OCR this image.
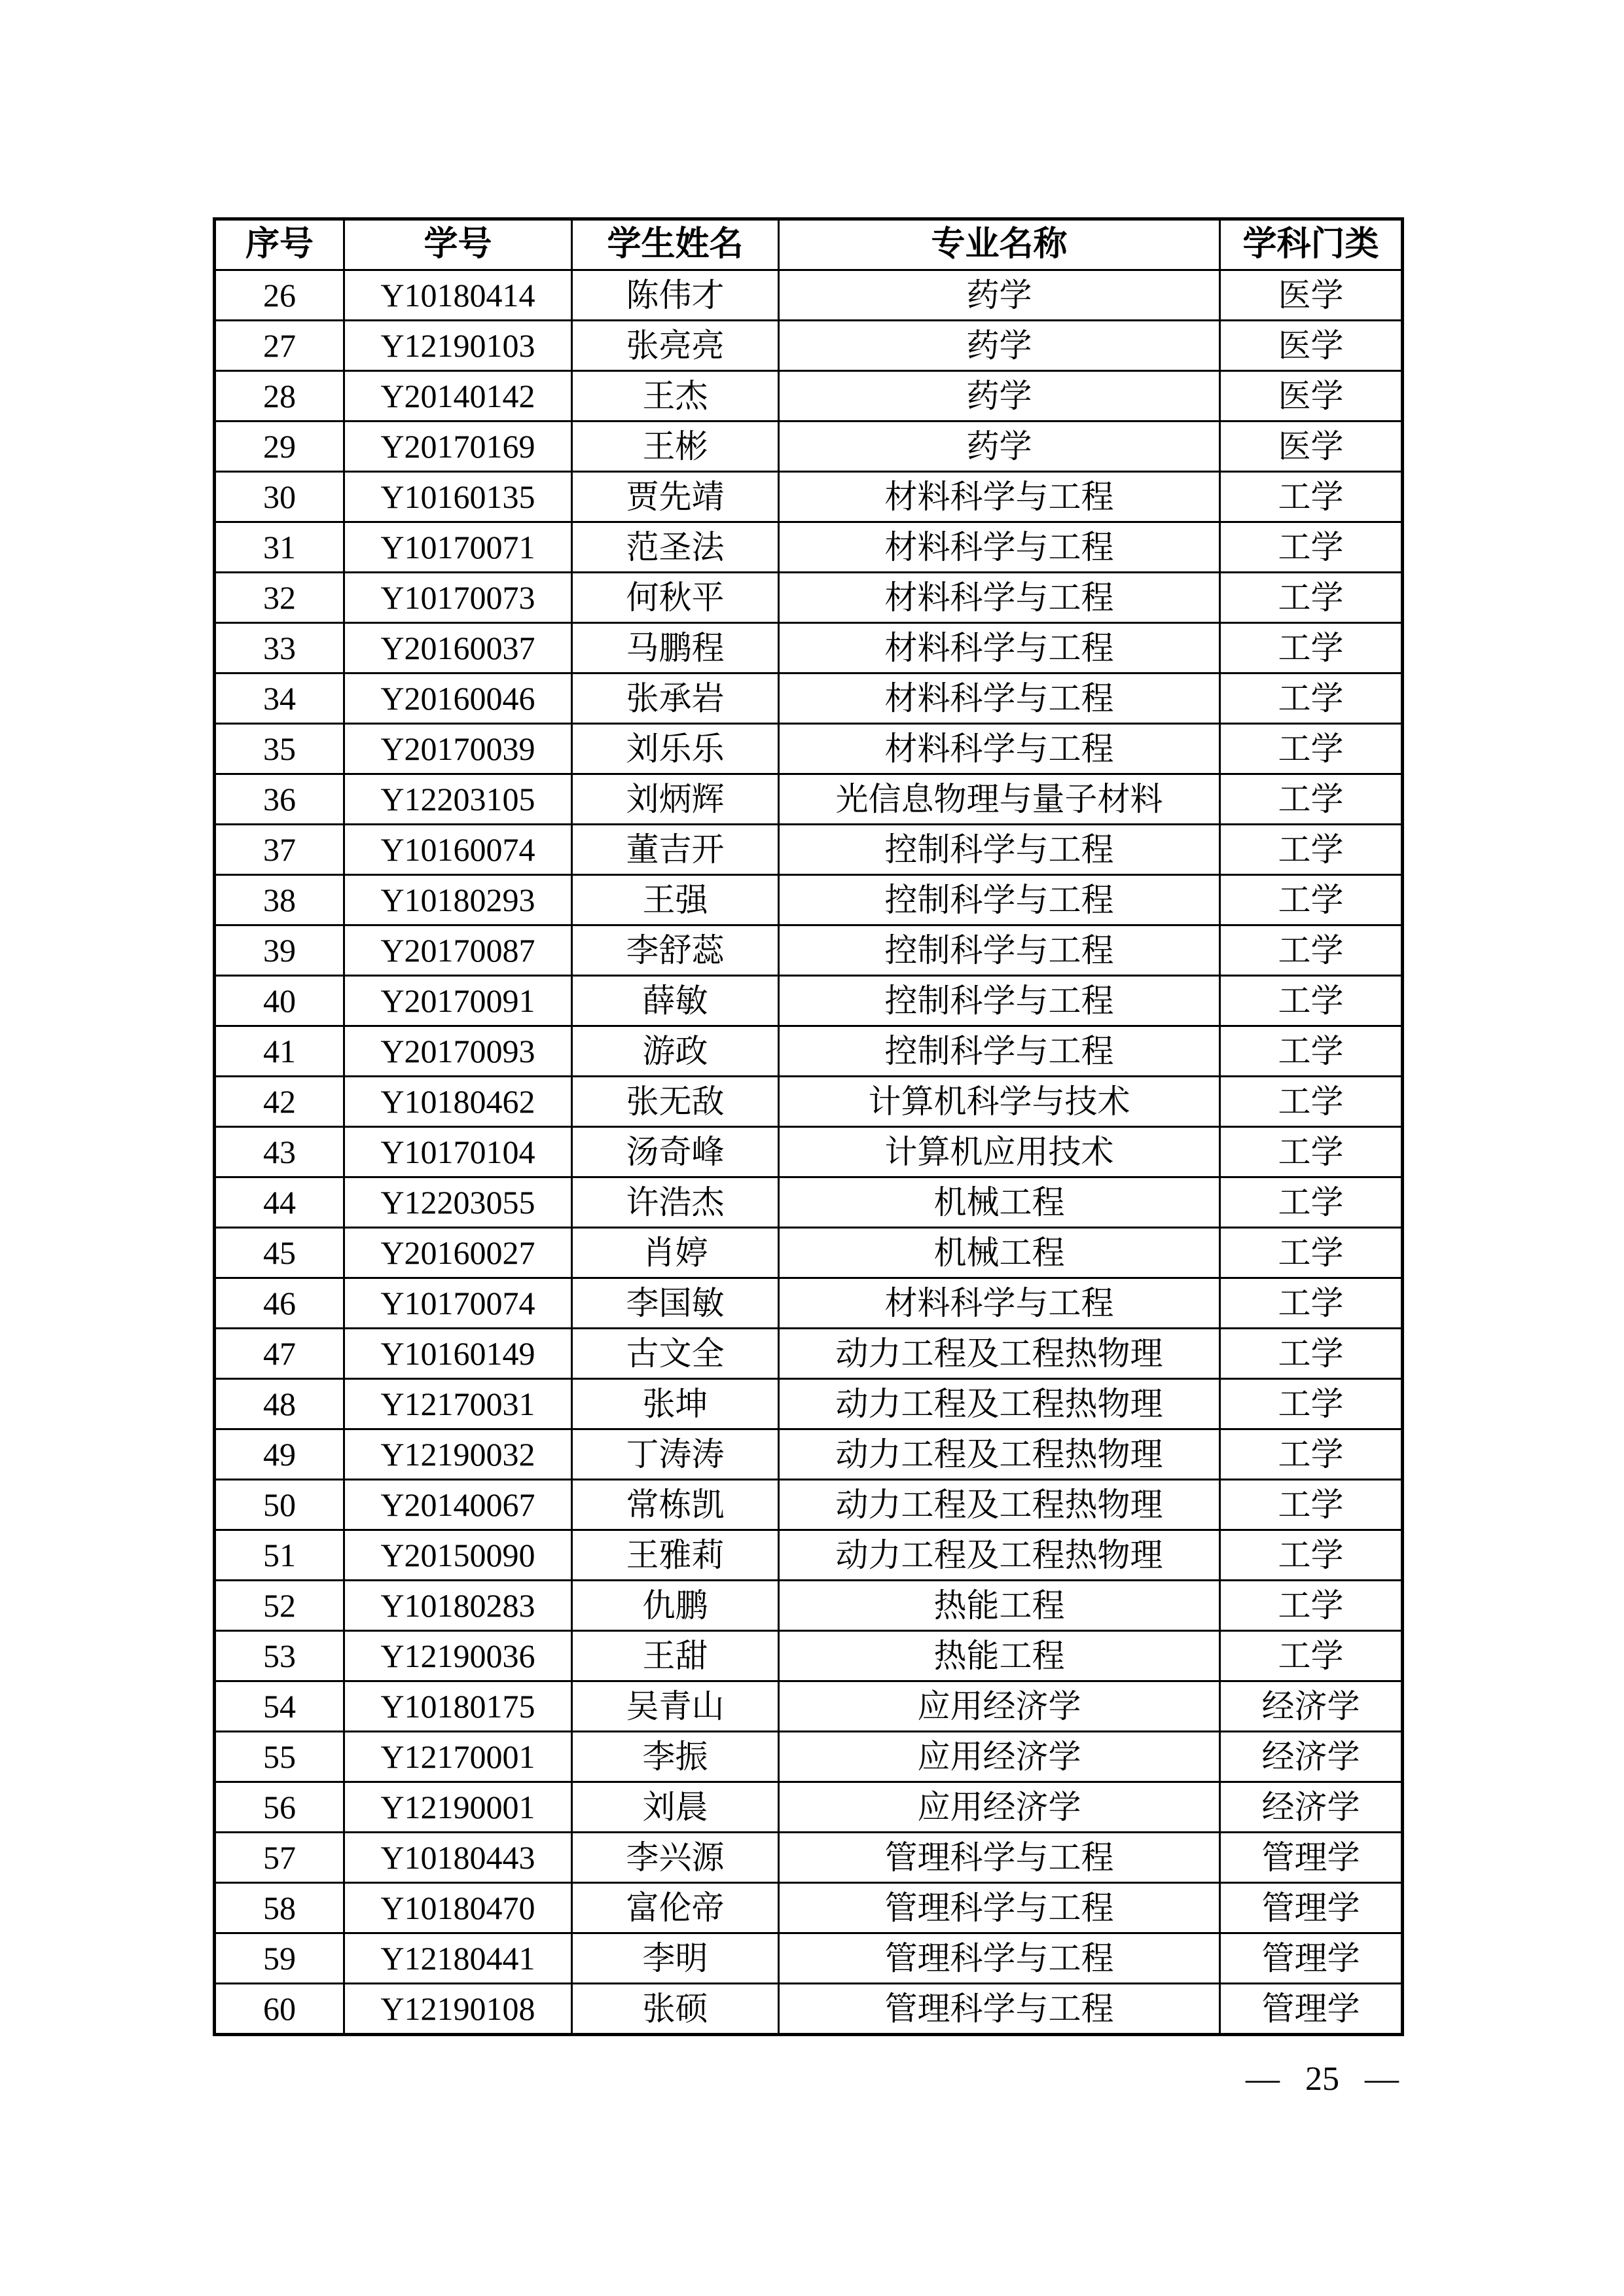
序号	学号	学生姓名	专业名称	学科门类
26	Y10180414	陈伟才	药学	医学
27	Y12190103	张亮亮	药学	医学
28	Y20140142	王杰	药学	医学
29	Y20170169	王彬	药学	医学
30	Y10160135	贾先靖	材料科学与工程	工学
31	Y10170071	范圣法	材料科学与工程	工学
32	Y10170073	何秋平	材料科学与工程	工学
33	Y20160037	马鹏程	材料科学与工程	工学
34	Y20160046	张承岩	材料科学与工程	工学
35	Y20170039	刘乐乐	材料科学与工程	工学
36	Y12203105	刘炳辉	光信息物理与量子材料	工学
37	Y10160074	董吉开	控制科学与工程	工学
38	Y10180293	王强	控制科学与工程	工学
39	Y20170087	李舒蕊	控制科学与工程	工学
40	Y20170091	薛敏	控制科学与工程	工学
41	Y20170093	游政	控制科学与工程	工学
42	Y10180462	张无敌	计算机科学与技术	工学
43	Y10170104	汤奇峰	计算机应用技术	工学
44	Y12203055	许浩杰	机械工程	工学
45	Y20160027	肖婷	机械工程	工学
46	Y10170074	李国敏	材料科学与工程	工学
47	Y10160149	古文全	动力工程及工程热物理	工学
48	Y12170031	张坤	动力工程及工程热物理	工学
49	Y12190032	丁涛涛	动力工程及工程热物理	工学
50	Y20140067	常栋凯	动力工程及工程热物理	工学
51	Y20150090	王雅莉	动力工程及工程热物理	工学
52	Y10180283	仇鹏	热能工程	工学
53	Y12190036	王甜	热能工程	工学
54	Y10180175	吴青山	应用经济学	经济学
55	Y12170001	李振	应用经济学	经济学
56	Y12190001	刘晨	应用经济学	经济学
57	Y10180443	李兴源	管理科学与工程	管理学
58	Y10180470	富伦帝	管理科学与工程	管理学
59	Y12180441	李明	管理科学与工程	管理学
60	Y12190108	张硕	管理科学与工程	管理学
— 25 —
